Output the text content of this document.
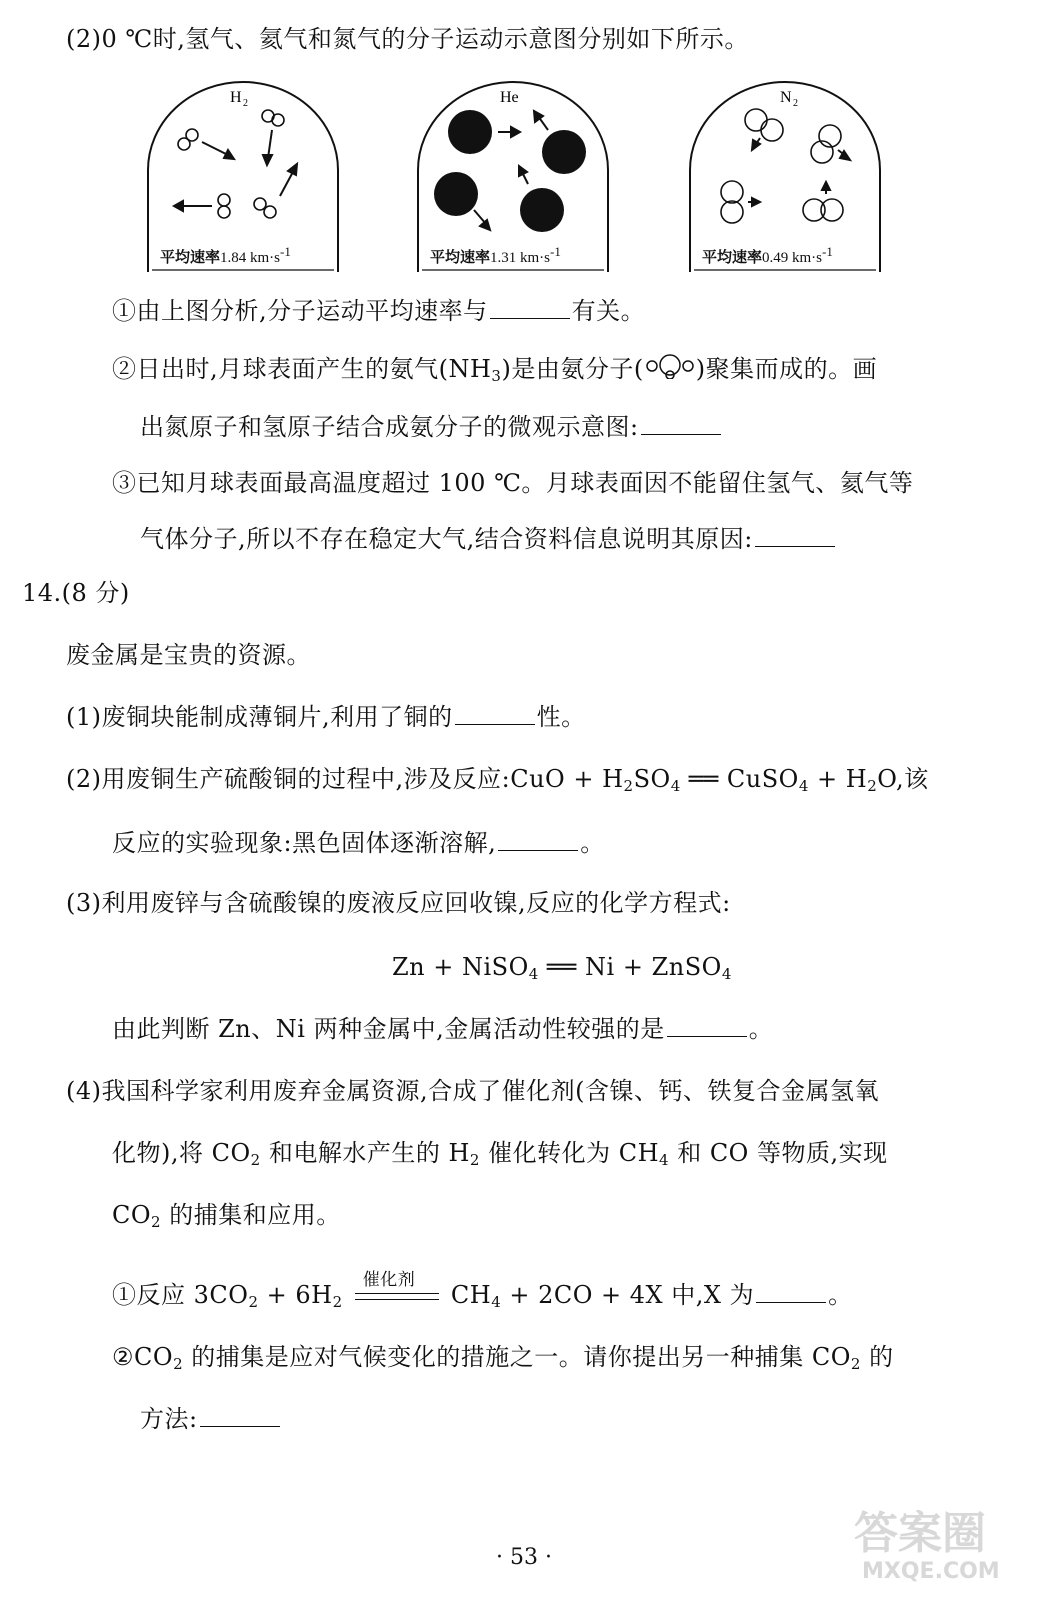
(2)0 ℃时,氢气、氦气和氮气的分子运动示意图分别如下所示。
H 2
平均速率1.84 $km\cdot s^{-1}$
He
平均速率1.31 $km\cdot s^{-1}$
N 2
平均速率0.49 $km\cdot s^{-1}$
①由上图分析,分子运动平均速率与	有关。
②日出时,月球表面产生的氨气$(NH_3)$是由氨分子( )聚集而成的。画
出氮原子和氢原子结合成氨分子的微观示意图:
③已知月球表面最高温度超过 100 ℃。月球表面因不能留住氢气、氦气等
气体分子,所以不存在稳定大气,结合资料信息说明其原因:
14.(8 分)
废金属是宝贵的资源。
(1)废铜块能制成薄铜片,利用了铜的	性。
(2)用废铜生产硫酸铜的过程中,涉及反应:CuO + $H_2SO_4$ ══ CuSO$_4$ + $H_2O$,该
反应的实验现象:黑色固体逐渐溶解,	。
(3)利用废锌与含硫酸镍的废液反应回收镍,反应的化学方程式:
Zn + NiSO$_4$ ══ Ni + ZnSO$_4$
由此判断 Zn、Ni 两种金属中,金属活动性较强的是	。
(4)我国科学家利用废弃金属资源,合成了催化剂(含镍、钙、铁复合金属氢氧
化物),将 $CO_2$ 和电解水产生的 $H_2$ 催化转化为 $CH_4$ 和 CO 等物质,实现
$CO_2$ 的捕集和应用。
①反应 $3CO_2 + 6H_2$
催化剂
$CH_4 + 2CO + 4X$ 中,X 为	。
$②CO_2$ 的捕集是应对气候变化的措施之一。请你提出另一种捕集 $CO_2$ 的
方法:
· 53 ·	答案圈
MXQE.COM
